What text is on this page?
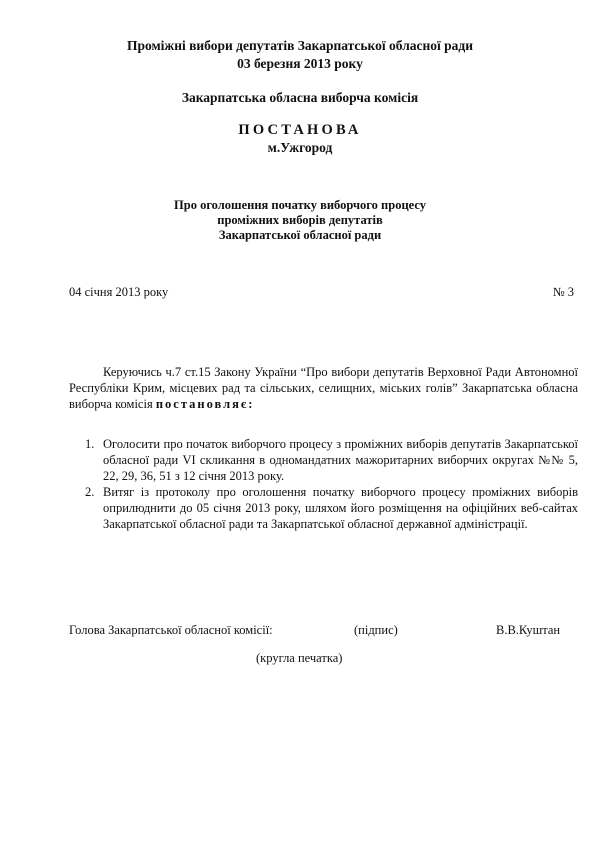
Проміжні вибори депутатів Закарпатської обласної ради
03 березня 2013 року
Закарпатська обласна виборча комісія
ПОСТАНОВА
м.Ужгород
Про оголошення початку виборчого процесу
проміжних виборів депутатів
Закарпатської обласної ради
04 січня 2013 року	№ 3
Керуючись ч.7 ст.15 Закону України “Про вибори депутатів Верховної Ради Автономної Республіки Крим, місцевих рад та сільських, селищних, міських голів” Закарпатська обласна виборча комісія постановляє:
1. Оголосити про початок виборчого процесу з проміжних виборів депутатів Закарпатської обласної ради VI скликання в одномандатних мажоритарних виборчих округах №№ 5, 22, 29, 36, 51 з 12 січня 2013 року.
2. Витяг із протоколу про оголошення початку виборчого процесу проміжних виборів оприлюднити до 05 січня 2013 року, шляхом його розміщення на офіційних веб-сайтах Закарпатської обласної ради та Закарпатської обласної державної адміністрації.
Голова Закарпатської обласної комісії:	(підпис)	В.В.Куштан
(кругла печатка)
